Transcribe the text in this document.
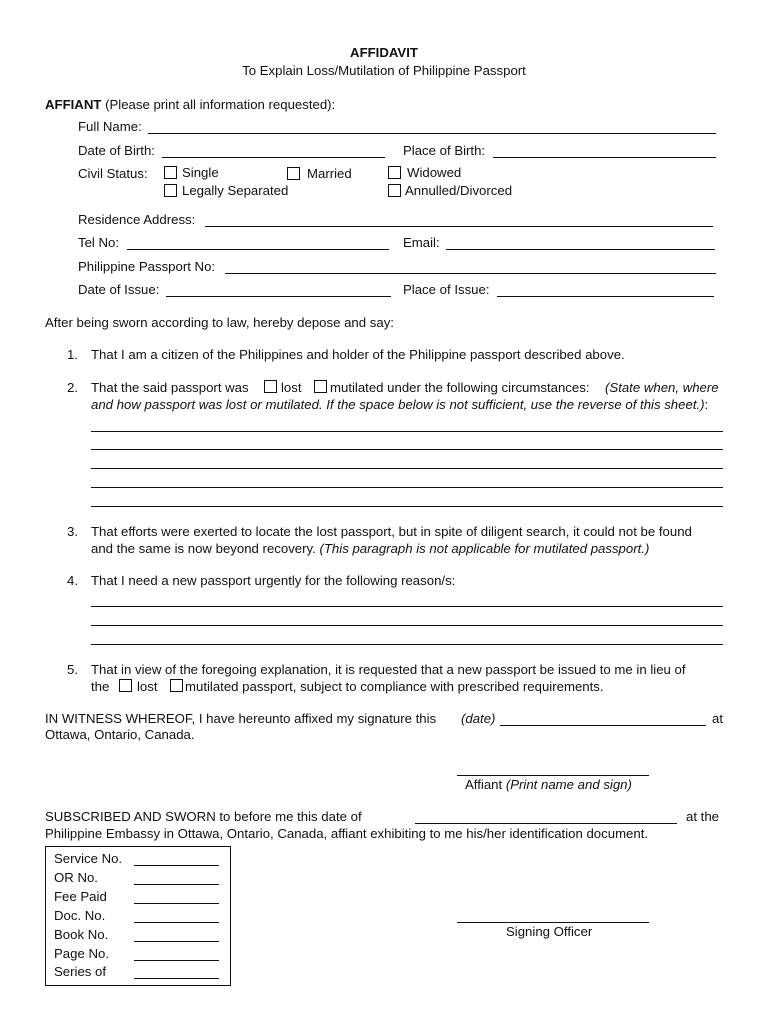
AFFIDAVIT
To Explain Loss/Mutilation of Philippine Passport
AFFIANT (Please print all information requested):
Full Name:
Date of Birth:	Place of Birth:
Civil Status:	Single	Married	Widowed
Legally Separated	Annulled/Divorced
Residence Address:
Tel No:	Email:
Philippine Passport No:
Date of Issue:	Place of Issue:
After being sworn according to law, hereby depose and say:
1. That I am a citizen of the Philippines and holder of the Philippine passport described above.
2. That the said passport was lost mutilated under the following circumstances: (State when, where
and how passport was lost or mutilated. If the space below is not sufficient, use the reverse of this sheet.):
3. That efforts were exerted to locate the lost passport, but in spite of diligent search, it could not be found
and the same is now beyond recovery. (This paragraph is not applicable for mutilated passport.)
4. That I need a new passport urgently for the following reason/s:
5. That in view of the foregoing explanation, it is requested that a new passport be issued to me in lieu of
the lost mutilated passport, subject to compliance with prescribed requirements.
IN WITNESS WHEREOF, I have hereunto affixed my signature this (date)	at
Ottawa, Ontario, Canada.
Affiant (Print name and sign)
SUBSCRIBED AND SWORN to before me this date of	at the
Philippine Embassy in Ottawa, Ontario, Canada, affiant exhibiting to me his/her identification document.
Service No.
OR No.
Fee Paid
Doc. No.
Book No.
Page No.
Series of
Signing Officer
